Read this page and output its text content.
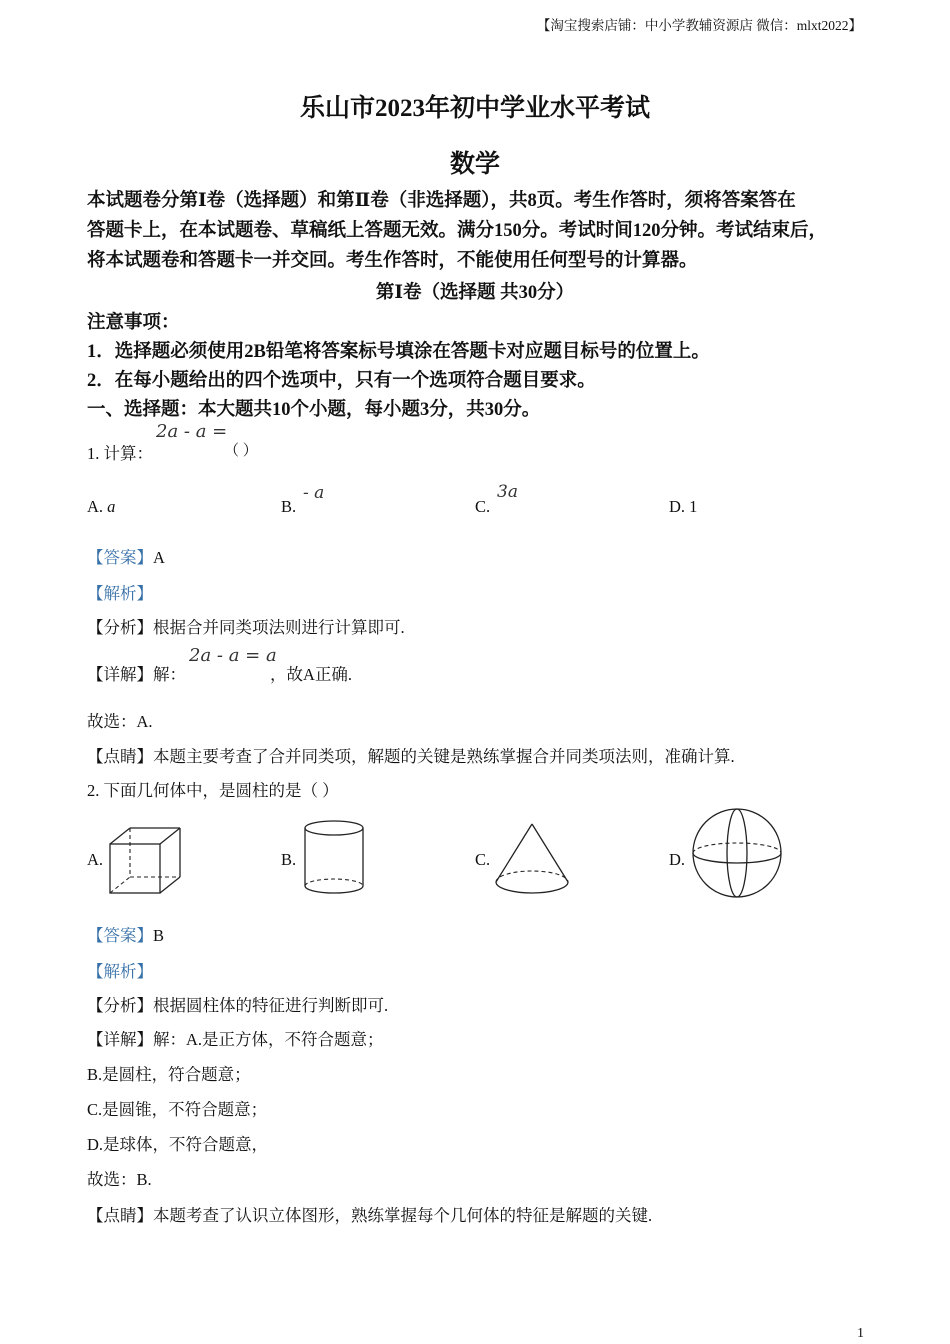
【淘宝搜索店铺：中小学教辅资源店 微信：mlxt2022】
乐山市2023年初中学业水平考试
数学

本试题卷分第Ⅰ卷（选择题）和第Ⅱ卷（非选择题），共8页。考生作答时，须将答案答在

答题卡上，在本试题卷、草稿纸上答题无效。满分150分。考试时间120分钟。考试结束后，

将本试题卷和答题卡一并交回。考生作答时，不能使用任何型号的计算器。

第Ⅰ卷（选择题 共30分）
注意事项：
1．选择题必须使用2B铅笔将答案标号填涂在答题卡对应题目标号的位置上。
2．在每小题给出的四个选项中，只有一个选项符合题目要求。
一、选择题：本大题共10个小题，每小题3分，共30分。
1. 计算：
2a - a =
（ ）
A. a	B.
- a
C.
3a
D. 1
【答案】A
【解析】
【分析】根据合并同类项法则进行计算即可.
【详解】解：
2a - a = a
，故A正确.
故选：A.
【点睛】本题主要考查了合并同类项，解题的关键是熟练掌握合并同类项法则，准确计算.
2. 下面几何体中，是圆柱的是（ ）
A.	B.	C.	D.
【答案】B
【解析】
【分析】根据圆柱体的特征进行判断即可.
【详解】解：A.是正方体，不符合题意；
B.是圆柱，符合题意；
C.是圆锥，不符合题意；
D.是球体，不符合题意，
故选：B.
【点睛】本题考查了认识立体图形，熟练掌握每个几何体的特征是解题的关键.
1
